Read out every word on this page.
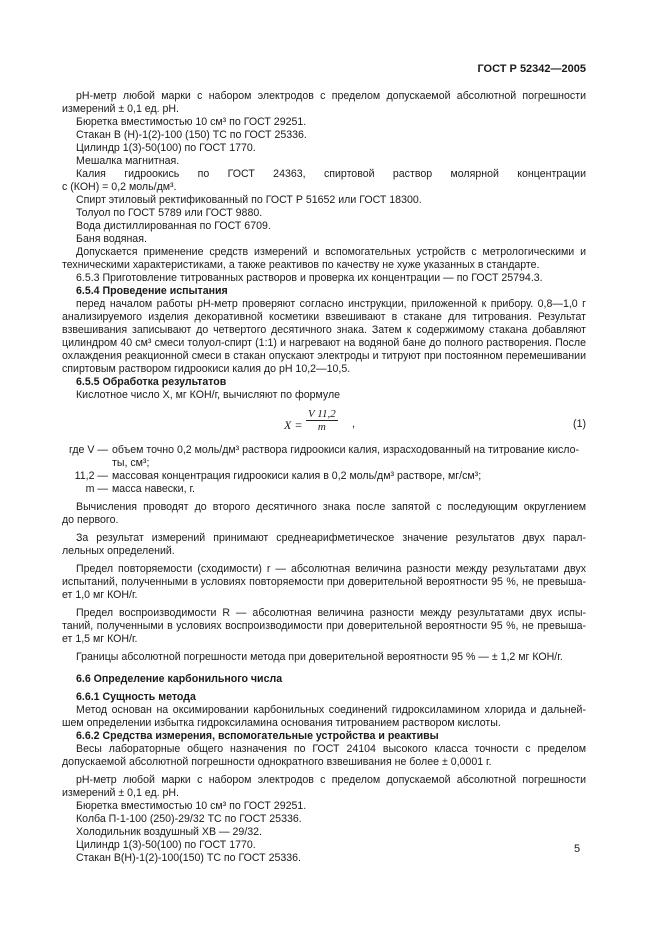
ГОСТ Р 52342—2005

рН-метр любой марки с набором электродов с пределом допускаемой абсолютной погрешности

измерений ± 0,1 ед. рН.

Бюретка вместимостью 10 см³ по ГОСТ 29251.

Стакан В (Н)-1(2)-100 (150) ТС по ГОСТ 25336.

Цилиндр 1(3)-50(100) по ГОСТ 1770.

Мешалка магнитная.

Калия гидроокись по ГОСТ 24363, спиртовой раствор молярной концентрации

с (КОН) = 0,2 моль/дм³.

Спирт этиловый ректификованный по ГОСТ Р 51652 или ГОСТ 18300.

Толуол по ГОСТ 5789 или ГОСТ 9880.

Вода дистиллированная по ГОСТ 6709.

Баня водяная.

Допускается применение средств измерений и вспомогательных устройств с метрологическими и

техническими характеристиками, а также реактивов по качеству не хуже указанных в стандарте.

6.5.3 Приготовление титрованных растворов и проверка их концентрации — по ГОСТ 25794.3.

6.5.4 Проведение испытания

перед началом работы рН-метр проверяют согласно инструкции, приложенной к прибору. 0,8—1,0 г

анализируемого изделия декоративной косметики взвешивают в стакане для титрования. Результат

взвешивания записывают до четвертого десятичного знака. Затем к содержимому стакана добавляют

цилиндром 40 см³ смеси толуол-спирт (1:1) и нагревают на водяной бане до полного растворения. После

охлаждения реакционной смеси в стакан опускают электроды и титруют при постоянном перемешивании

спиртовым раствором гидроокиси калия до рН 10,2—10,5.

6.5.5 Обработка результатов

Кислотное число X, мг КОН/г, вычисляют по формуле

$X = \frac{V 11,2}{m}$ ,	(1)
где V — объем точно 0,2 моль/дм³ раствора гидроокиси калия, израсходованный на титрование кисло-ты, см³;
11,2 — массовая концентрация гидроокиси калия в 0,2 моль/дм³ растворе, мг/см³;
m — масса навески, г.

Вычисления проводят до второго десятичного знака после запятой с последующим округлением

до первого.

За результат измерений принимают среднеарифметическое значение результатов двух парал-

лельных определений.

Предел повторяемости (сходимости) r — абсолютная величина разности между результатами двух

испытаний, полученными в условиях повторяемости при доверительной вероятности 95 %, не превыша-

ет 1,0 мг КОН/г.

Предел воспроизводимости R — абсолютная величина разности между результатами двух испы-

таний, полученными в условиях воспроизводимости при доверительной вероятности 95 %, не превыша-

ет 1,5 мг КОН/г.

Границы абсолютной погрешности метода при доверительной вероятности 95 % — ± 1,2 мг КОН/г.

6.6 Определение карбонильного числа

6.6.1 Сущность метода

Метод основан на оксимировании карбонильных соединений гидроксиламином хлорида и дальней-

шем определении избытка гидроксиламина основания титрованием раствором кислоты.

6.6.2 Средства измерения, вспомогательные устройства и реактивы

Весы лабораторные общего назначения по ГОСТ 24104 высокого класса точности с пределом

допускаемой абсолютной погрешности однократного взвешивания не более ± 0,0001 г.

рН-метр любой марки с набором электродов с пределом допускаемой абсолютной погрешности

измерений ± 0,1 ед. рН.

Бюретка вместимостью 10 см³ по ГОСТ 29251.

Колба П-1-100 (250)-29/32 ТС по ГОСТ 25336.

Холодильник воздушный ХВ — 29/32.

Цилиндр 1(3)-50(100) по ГОСТ 1770.

Стакан В(Н)-1(2)-100(150) ТС по ГОСТ 25336.

5
